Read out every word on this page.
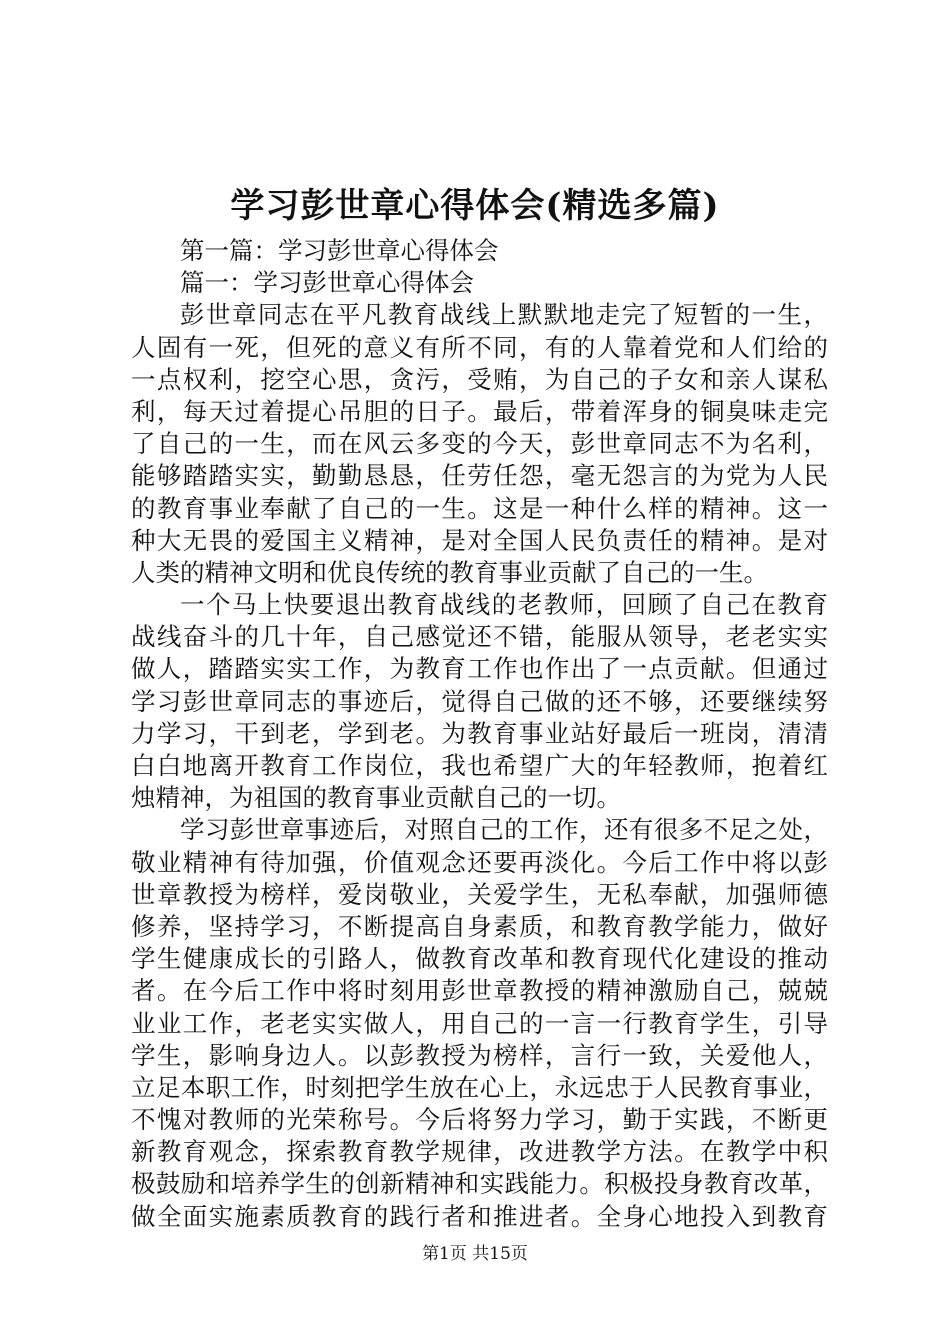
学习彭世章心得体会(精选多篇)
第一篇：学习彭世章心得体会
篇一：学习彭世章心得体会
彭世章同志在平凡教育战线上默默地走完了短暂的一生，
人固有一死，但死的意义有所不同，有的人靠着党和人们给的
一点权利，挖空心思，贪污，受贿，为自己的子女和亲人谋私
利，每天过着提心吊胆的日子。最后，带着浑身的铜臭味走完
了自己的一生，而在风云多变的今天，彭世章同志不为名利，
能够踏踏实实，勤勤恳恳，任劳任怨，毫无怨言的为党为人民
的教育事业奉献了自己的一生。这是一种什么样的精神。这一
种大无畏的爱国主义精神，是对全国人民负责任的精神。是对
人类的精神文明和优良传统的教育事业贡献了自己的一生。
一个马上快要退出教育战线的老教师，回顾了自己在教育
战线奋斗的几十年，自己感觉还不错，能服从领导，老老实实
做人，踏踏实实工作，为教育工作也作出了一点贡献。但通过
学习彭世章同志的事迹后，觉得自己做的还不够，还要继续努
力学习，干到老，学到老。为教育事业站好最后一班岗，清清
白白地离开教育工作岗位，我也希望广大的年轻教师，抱着红
烛精神，为祖国的教育事业贡献自己的一切。
学习彭世章事迹后，对照自己的工作，还有很多不足之处，
敬业精神有待加强，价值观念还要再淡化。今后工作中将以彭
世章教授为榜样，爱岗敬业，关爱学生，无私奉献，加强师德
修养，坚持学习，不断提高自身素质，和教育教学能力，做好
学生健康成长的引路人，做教育改革和教育现代化建设的推动
者。在今后工作中将时刻用彭世章教授的精神激励自己，兢兢
业业工作，老老实实做人，用自己的一言一行教育学生，引导
学生，影响身边人。以彭教授为榜样，言行一致，关爱他人，
立足本职工作，时刻把学生放在心上，永远忠于人民教育事业，
不愧对教师的光荣称号。今后将努力学习，勤于实践，不断更
新教育观念，探索教育教学规律，改进教学方法。在教学中积
极鼓励和培养学生的创新精神和实践能力。积极投身教育改革，
做全面实施素质教育的践行者和推进者。全身心地投入到教育
第1页 共15页
